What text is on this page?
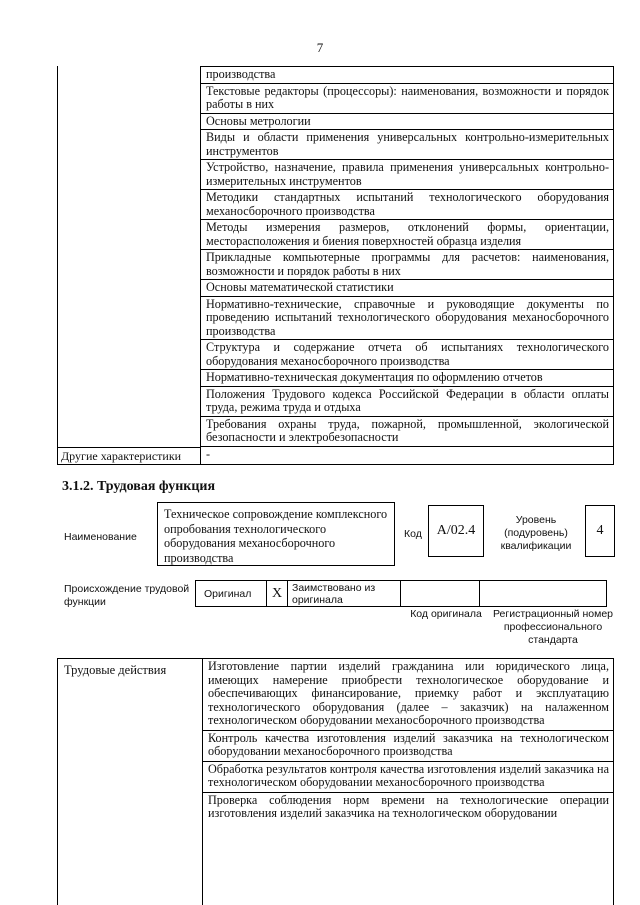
7
производства
Текстовые редакторы (процессоры): наименования, возможности и порядок работы в них
Основы метрологии
Виды и области применения универсальных контрольно-измерительных инструментов
Устройство, назначение, правила применения универсальных контрольно-измерительных инструментов
Методики стандартных испытаний технологического оборудования механосборочного производства
Методы измерения размеров, отклонений формы, ориентации, месторасположения и биения поверхностей образца изделия
Прикладные компьютерные программы для расчетов: наименования, возможности и порядок работы в них
Основы математической статистики
Нормативно-технические, справочные и руководящие документы по проведению испытаний технологического оборудования механосборочного производства
Структура и содержание отчета об испытаниях технологического оборудования механосборочного производства
Нормативно-техническая документация по оформлению отчетов
Положения Трудового кодекса Российской Федерации в области оплаты труда, режима труда и отдыха
Требования охраны труда, пожарной, промышленной, экологической безопасности и электробезопасности
Другие характеристики	-
3.1.2. Трудовая функция
Наименование
Техническое сопровождение комплексного опробования технологического оборудования механосборочного производства
Код A/02.4
Уровень (подуровень) квалификации
4
Происхождение трудовой функции
Оригинал	X Заимствовано из оригинала
Код оригинала	Регистрационный номер профессионального стандарта
Трудовые действия	Изготовление партии изделий гражданина или юридического лица, имеющих намерение приобрести технологическое оборудование и обеспечивающих финансирование, приемку работ и эксплуатацию технологического оборудования (далее – заказчик) на налаженном технологическом оборудовании механосборочного производства
Контроль качества изготовления изделий заказчика на технологическом оборудовании механосборочного производства
Обработка результатов контроля качества изготовления изделий заказчика на технологическом оборудовании механосборочного производства
Проверка соблюдения норм времени на технологические операции изготовления изделий заказчика на технологическом оборудовании
